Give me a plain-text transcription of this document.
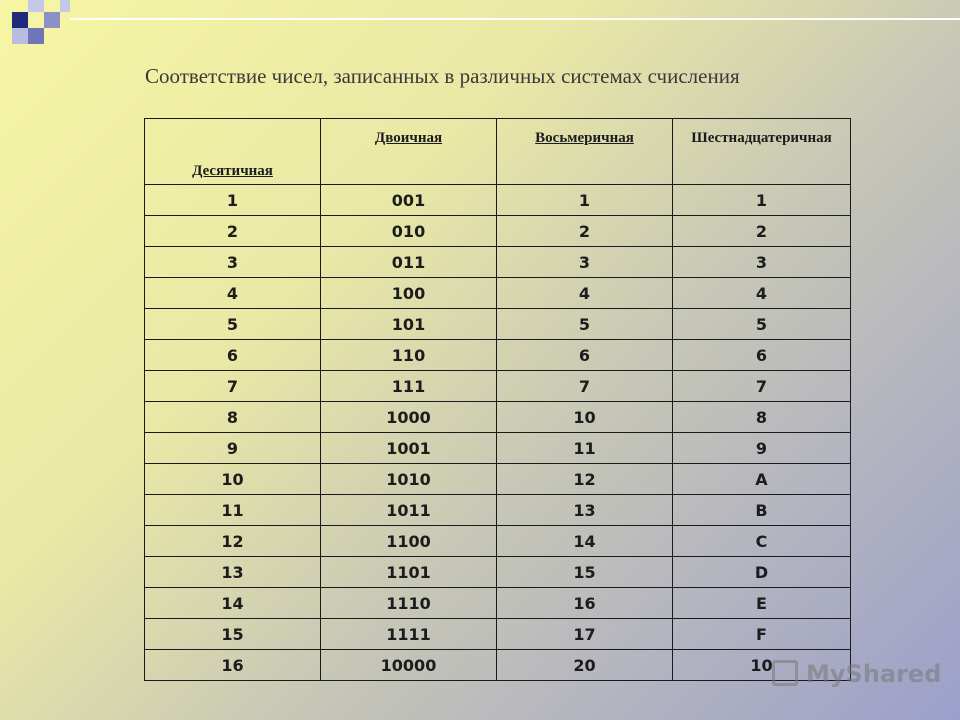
Соответствие чисел, записанных в различных системах счисления
Десятичная	Двоичная	Восьмеричная	Шестнадцатеричная
1	001	1	1
2	010	2	2
3	011	3	3
4	100	4	4
5	101	5	5
6	110	6	6
7	111	7	7
8	1000	10	8
9	1001	11	9
10	1010	12	A
11	1011	13	B
12	1100	14	C
13	1101	15	D
14	1110	16	E
15	1111	17	F
16	10000	20	10 MyShared
